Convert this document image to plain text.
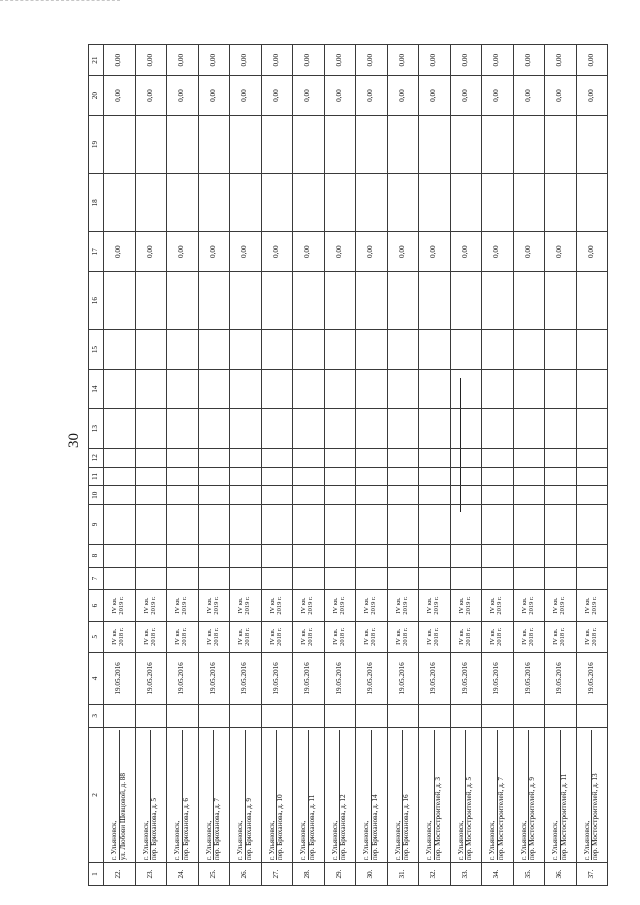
30
1	2	3	4	5	6	7	8	9	10	11	12	13	14	15	16	17	18	19	20	21
22.	г. Ульяновск, ул. Любови Шевцовой, д. 88		19.05.2016	IV кв. 2018 г.	IV кв. 2019 г.											0,00			0,00	0,00
23.	г. Ульяновск, пер. Брюханова, д. 5		19.05.2016	IV кв. 2018 г.	IV кв. 2019 г.											0,00			0,00	0,00
24.	г. Ульяновск, пер. Брюханова, д. 6		19.05.2016	IV кв. 2018 г.	IV кв. 2019 г.											0,00			0,00	0,00
25.	г. Ульяновск, пер. Брюханова, д. 7		19.05.2016	IV кв. 2018 г.	IV кв. 2019 г.											0,00			0,00	0,00
26.	г. Ульяновск, пер. Брюханова, д. 9		19.05.2016	IV кв. 2018 г.	IV кв. 2019 г.											0,00			0,00	0,00
27.	г. Ульяновск, пер. Брюханова, д. 10		19.05.2016	IV кв. 2018 г.	IV кв. 2019 г.											0,00			0,00	0,00
28.	г. Ульяновск, пер. Брюханова, д. 11		19.05.2016	IV кв. 2018 г.	IV кв. 2019 г.											0,00			0,00	0,00
29.	г. Ульяновск, пер. Брюханова, д. 12		19.05.2016	IV кв. 2018 г.	IV кв. 2019 г.											0,00			0,00	0,00
30.	г. Ульяновск, пер. Брюханова, д. 14		19.05.2016	IV кв. 2018 г.	IV кв. 2019 г.											0,00			0,00	0,00
31.	г. Ульяновск, пер. Брюханова, д. 16		19.05.2016	IV кв. 2018 г.	IV кв. 2019 г.											0,00			0,00	0,00
32.	г. Ульяновск, пер. Мостостроителей, д. 3		19.05.2016	IV кв. 2018 г.	IV кв. 2019 г.											0,00			0,00	0,00
33.	г. Ульяновск, пер. Мостостроителей, д. 5		19.05.2016	IV кв. 2018 г.	IV кв. 2019 г.											0,00			0,00	0,00
34.	г. Ульяновск, пер. Мостостроителей, д. 7		19.05.2016	IV кв. 2018 г.	IV кв. 2019 г.											0,00			0,00	0,00
35.	г. Ульяновск, пер. Мостостроителей, д. 9		19.05.2016	IV кв. 2018 г.	IV кв. 2019 г.											0,00			0,00	0,00
36.	г. Ульяновск, пер. Мостостроителей, д. 11		19.05.2016	IV кв. 2018 г.	IV кв. 2019 г.											0,00			0,00	0,00
37.	г. Ульяновск, пер. Мостостроителей, д. 13		19.05.2016	IV кв. 2018 г.	IV кв. 2019 г.											0,00			0,00	0,00
